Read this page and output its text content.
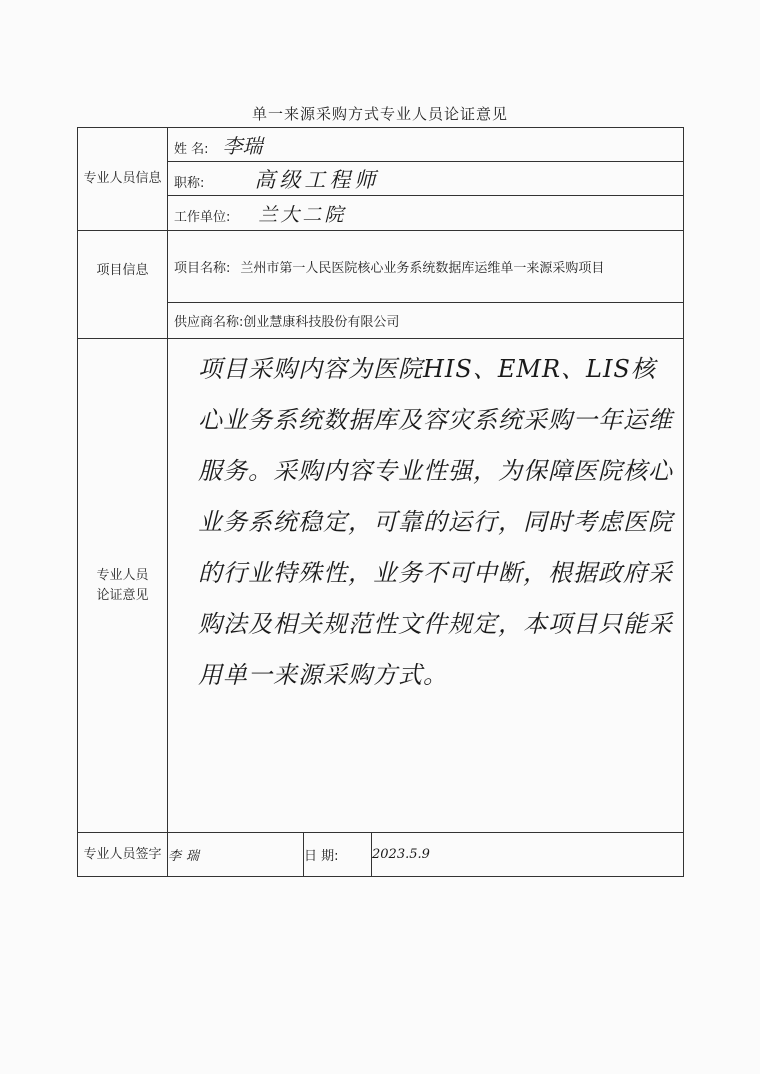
单一来源采购方式专业人员论证意见
专业人员信息	姓 名: 李瑞		
	职称: 高级工程师		
	工作单位: 兰大二院		
项目信息	项目名称: 兰州市第一人民医院核心业务系统数据库运维单一来源采购项目		
	供应商名称:创业慧康科技股份有限公司		

专业人员论证意见	项目采购内容为医院HIS、EMR、LIS核心业务系统数据库及容灾系统采购一年运维服务。采购内容专业性强，为保障医院核心业务系统稳定，可靠的运行，同时考虑医院的行业特殊性，业务不可中断，根据政府采购法及相关规范性文件规定，本项目只能采用单一来源采购方式。		

专业人员签字	李瑞	日 期:	2023.5.9
